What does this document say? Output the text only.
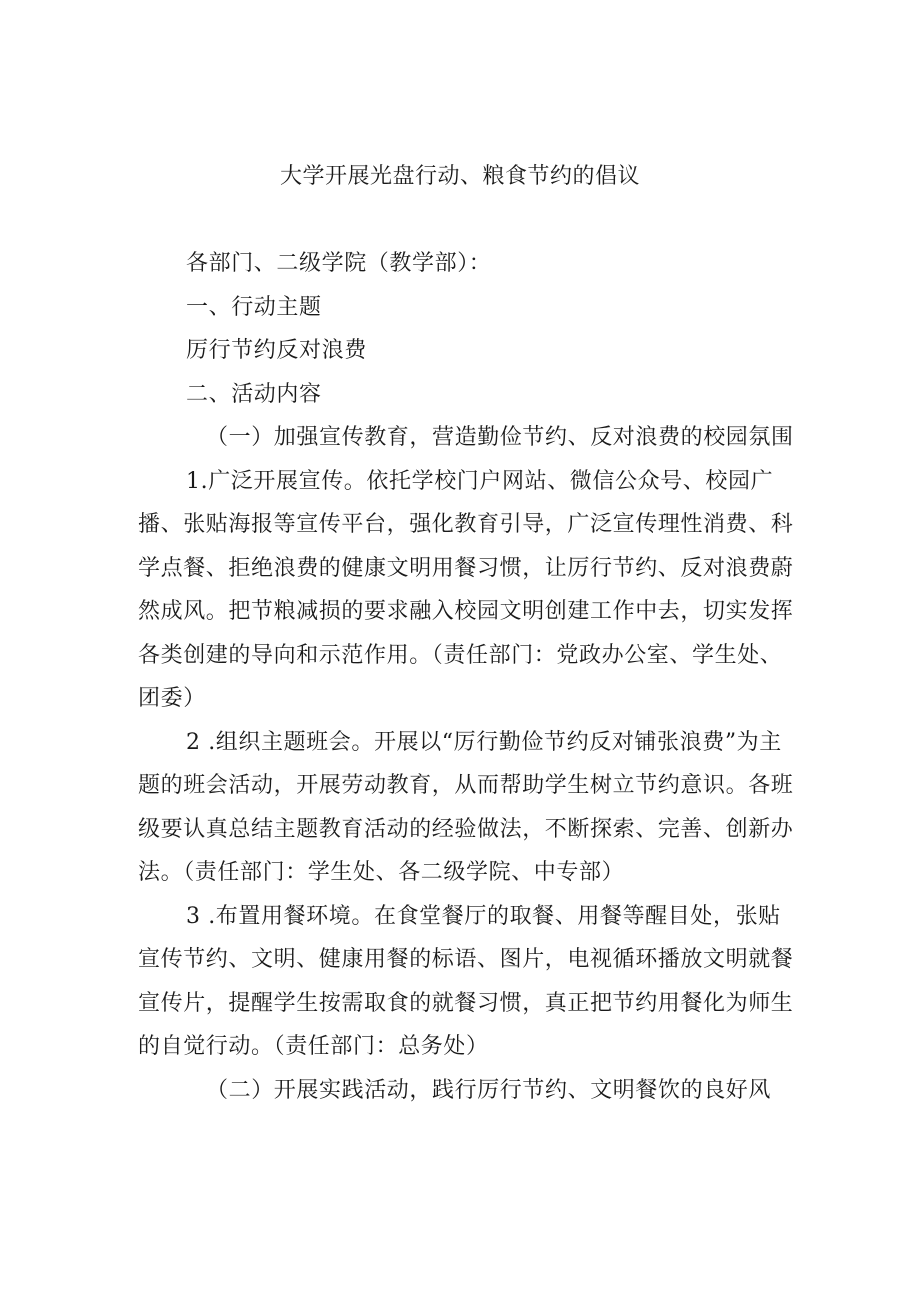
大学开展光盘行动、粮食节约的倡议

各部门、二级学院（教学部）：

一、行动主题

厉行节约反对浪费

二、活动内容

（一）加强宣传教育，营造勤俭节约、反对浪费的校园氛围

1.广泛开展宣传。依托学校门户网站、微信公众号、校园广播、张贴海报等宣传平台，强化教育引导，广泛宣传理性消费、科学点餐、拒绝浪费的健康文明用餐习惯，让厉行节约、反对浪费蔚然成风。把节粮减损的要求融入校园文明创建工作中去，切实发挥各类创建的导向和示范作用。（责任部门：党政办公室、学生处、团委）

2 .组织主题班会。开展以“厉行勤俭节约反对铺张浪费”为主题的班会活动，开展劳动教育，从而帮助学生树立节约意识。各班级要认真总结主题教育活动的经验做法，不断探索、完善、创新办法。（责任部门：学生处、各二级学院、中专部）

3 .布置用餐环境。在食堂餐厅的取餐、用餐等醒目处，张贴宣传节约、文明、健康用餐的标语、图片，电视循环播放文明就餐宣传片，提醒学生按需取食的就餐习惯，真正把节约用餐化为师生的自觉行动。（责任部门：总务处）

（二）开展实践活动，践行厉行节约、文明餐饮的良好风
